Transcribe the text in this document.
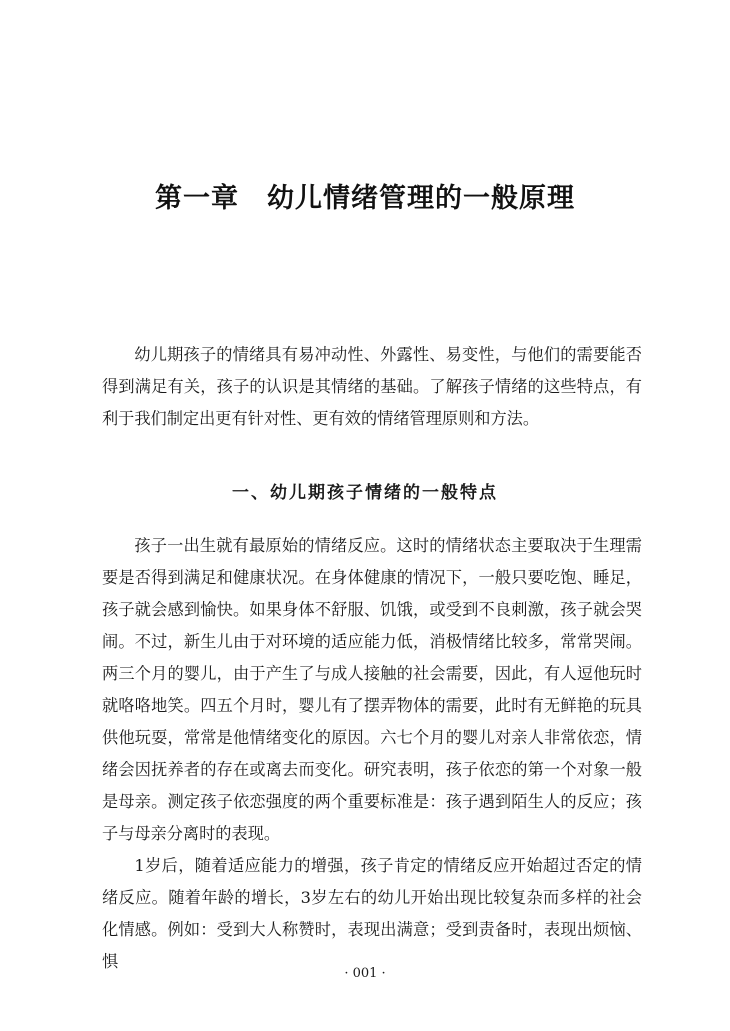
第一章 幼儿情绪管理的一般原理

幼儿期孩子的情绪具有易冲动性、外露性、易变性，与他们的需要能否得到满足有关，孩子的认识是其情绪的基础。了解孩子情绪的这些特点，有利于我们制定出更有针对性、更有效的情绪管理原则和方法。

一、幼儿期孩子情绪的一般特点

孩子一出生就有最原始的情绪反应。这时的情绪状态主要取决于生理需要是否得到满足和健康状况。在身体健康的情况下，一般只要吃饱、睡足，孩子就会感到愉快。如果身体不舒服、饥饿，或受到不良刺激，孩子就会哭闹。不过，新生儿由于对环境的适应能力低，消极情绪比较多，常常哭闹。两三个月的婴儿，由于产生了与成人接触的社会需要，因此，有人逗他玩时就咯咯地笑。四五个月时，婴儿有了摆弄物体的需要，此时有无鲜艳的玩具供他玩耍，常常是他情绪变化的原因。六七个月的婴儿对亲人非常依恋，情绪会因抚养者的存在或离去而变化。研究表明，孩子依恋的第一个对象一般是母亲。测定孩子依恋强度的两个重要标准是：孩子遇到陌生人的反应；孩子与母亲分离时的表现。

1岁后，随着适应能力的增强，孩子肯定的情绪反应开始超过否定的情绪反应。随着年龄的增长，3岁左右的幼儿开始出现比较复杂而多样的社会化情感。例如：受到大人称赞时，表现出满意；受到责备时，表现出烦恼、惧

· 001 ·
